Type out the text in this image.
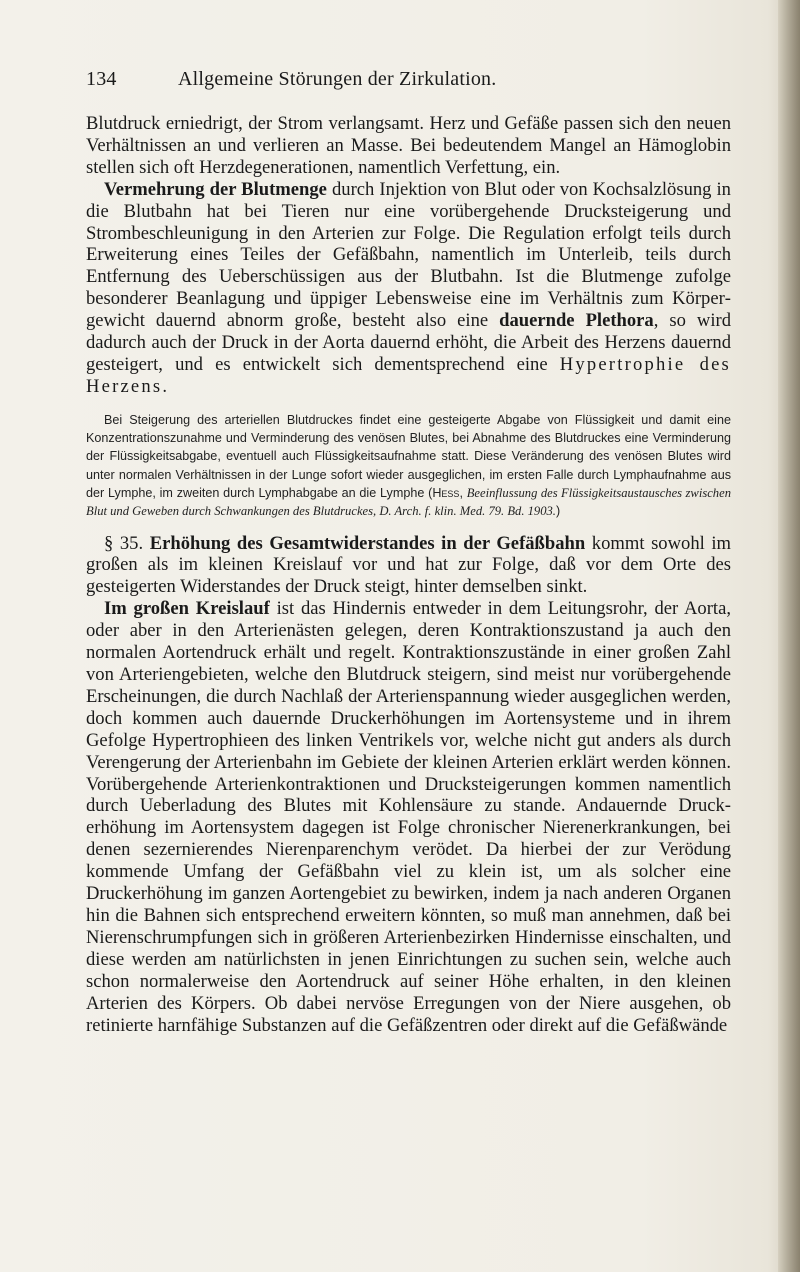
134	Allgemeine Störungen der Zirkulation.

Blutdruck erniedrigt, der Strom verlangsamt. Herz und Gefäße passen sich den neuen Verhältnissen an und verlieren an Masse. Bei bedeutendem Mangel an Hämoglobin stellen sich oft Herzdegenerationen, namentlich Verfettung, ein.

Vermehrung der Blutmenge durch Injektion von Blut oder von Kochsalzlösung in die Blutbahn hat bei Tieren nur eine vorübergehende Drucksteigerung und Strombeschleunigung in den Arterien zur Folge. Die Regulation erfolgt teils durch Erweiterung eines Teiles der Gefäßbahn, namentlich im Unterleib, teils durch Entfernung des Ueberschüssigen aus der Blutbahn. Ist die Blutmenge zufolge besonderer Beanlagung und üppiger Lebensweise eine im Verhältnis zum Körpergewicht dauernd abnorm große, besteht also eine dauernde Plethora, so wird dadurch auch der Druck in der Aorta dauernd erhöht, die Arbeit des Herzens dauernd gesteigert, und es entwickelt sich dementsprechend eine Hypertrophie des Herzens.

Bei Steigerung des arteriellen Blutdruckes findet eine gesteigerte Abgabe von Flüssigkeit und damit eine Konzentrationszunahme und Verminderung des venösen Blutes, bei Abnahme des Blutdruckes eine Verminderung der Flüssigkeitsabgabe, eventuell auch Flüssigkeitsaufnahme statt. Diese Veränderung des venösen Blutes wird unter normalen Verhältnissen in der Lunge sofort wieder ausgeglichen, im ersten Falle durch Lymphaufnahme aus der Lymphe, im zweiten durch Lymphabgabe an die Lymphe (Hess, Beeinflussung des Flüssigkeitsaustausches zwischen Blut und Geweben durch Schwankungen des Blutdruckes, D. Arch. f. klin. Med. 79. Bd. 1903.)

§ 35. Erhöhung des Gesamtwiderstandes in der Gefäßbahn kommt sowohl im großen als im kleinen Kreislauf vor und hat zur Folge, daß vor dem Orte des gesteigerten Widerstandes der Druck steigt, hinter demselben sinkt.

Im großen Kreislauf ist das Hindernis entweder in dem Leitungsrohr, der Aorta, oder aber in den Arterienästen gelegen, deren Kontraktionszustand ja auch den normalen Aortendruck erhält und regelt. Kontraktionszustände in einer großen Zahl von Arteriengebieten, welche den Blutdruck steigern, sind meist nur vorübergehende Erscheinungen, die durch Nachlaß der Arterienspannung wieder ausgeglichen werden, doch kommen auch dauernde Druckerhöhungen im Aortensysteme und in ihrem Gefolge Hypertrophieen des linken Ventrikels vor, welche nicht gut anders als durch Verengerung der Arterienbahn im Gebiete der kleinen Arterien erklärt werden können. Vorübergehende Arterienkontraktionen und Drucksteigerungen kommen namentlich durch Ueberladung des Blutes mit Kohlensäure zu stande. Andauernde Druckerhöhung im Aortensystem dagegen ist Folge chronischer Nierenerkrankungen, bei denen sezernierendes Nierenparenchym verödet. Da hierbei der zur Verödung kommende Umfang der Gefäßbahn viel zu klein ist, um als solcher eine Druckerhöhung im ganzen Aortengebiet zu bewirken, indem ja nach anderen Organen hin die Bahnen sich entsprechend erweitern könnten, so muß man annehmen, daß bei Nierenschrumpfungen sich in größeren Arterienbezirken Hindernisse einschalten, und diese werden am natürlichsten in jenen Einrichtungen zu suchen sein, welche auch schon normalerweise den Aortendruck auf seiner Höhe erhalten, in den kleinen Arterien des Körpers. Ob dabei nervöse Erregungen von der Niere ausgehen, ob retinierte harnfähige Substanzen auf die Gefäßzentren oder direkt auf die Gefäßwände
